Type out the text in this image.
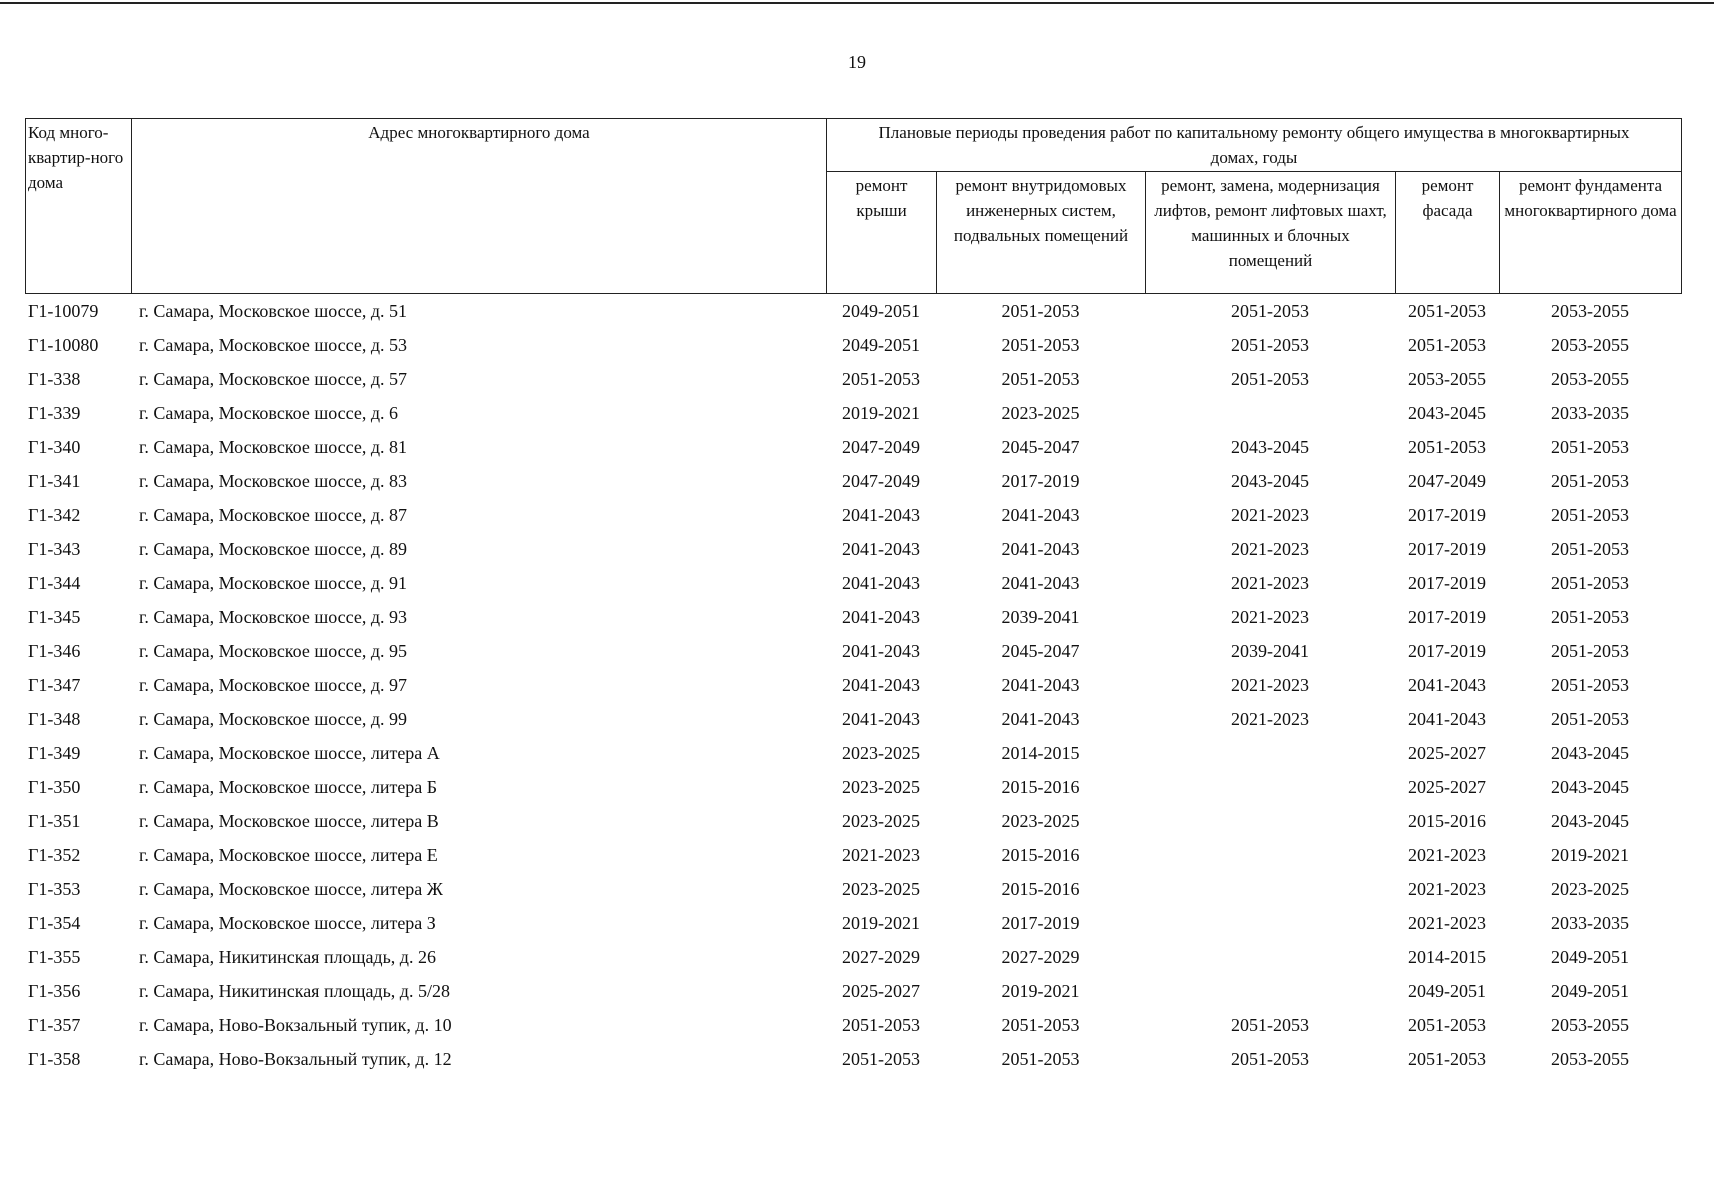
19
Код много-квартир-ного дома	Адрес многоквартирного дома	Плановые периоды проведения работ по капитальному ремонту общего имущества в многоквартирных домах, годы				
		ремонт крыши	ремонт внутридомовых инженерных систем, подвальных помещений	ремонт, замена, модернизация лифтов, ремонт лифтовых шахт, машинных и блочных помещений	ремонт фасада	ремонт фундамента многоквартирного дома
Г1-10079	г. Самара, Московское шоссе, д. 51	2049-2051	2051-2053	2051-2053	2051-2053	2053-2055
Г1-10080	г. Самара, Московское шоссе, д. 53	2049-2051	2051-2053	2051-2053	2051-2053	2053-2055
Г1-338	г. Самара, Московское шоссе, д. 57	2051-2053	2051-2053	2051-2053	2053-2055	2053-2055
Г1-339	г. Самара, Московское шоссе, д. 6	2019-2021	2023-2025		2043-2045	2033-2035
Г1-340	г. Самара, Московское шоссе, д. 81	2047-2049	2045-2047	2043-2045	2051-2053	2051-2053
Г1-341	г. Самара, Московское шоссе, д. 83	2047-2049	2017-2019	2043-2045	2047-2049	2051-2053
Г1-342	г. Самара, Московское шоссе, д. 87	2041-2043	2041-2043	2021-2023	2017-2019	2051-2053
Г1-343	г. Самара, Московское шоссе, д. 89	2041-2043	2041-2043	2021-2023	2017-2019	2051-2053
Г1-344	г. Самара, Московское шоссе, д. 91	2041-2043	2041-2043	2021-2023	2017-2019	2051-2053
Г1-345	г. Самара, Московское шоссе, д. 93	2041-2043	2039-2041	2021-2023	2017-2019	2051-2053
Г1-346	г. Самара, Московское шоссе, д. 95	2041-2043	2045-2047	2039-2041	2017-2019	2051-2053
Г1-347	г. Самара, Московское шоссе, д. 97	2041-2043	2041-2043	2021-2023	2041-2043	2051-2053
Г1-348	г. Самара, Московское шоссе, д. 99	2041-2043	2041-2043	2021-2023	2041-2043	2051-2053
Г1-349	г. Самара, Московское шоссе, литера А	2023-2025	2014-2015		2025-2027	2043-2045
Г1-350	г. Самара, Московское шоссе, литера Б	2023-2025	2015-2016		2025-2027	2043-2045
Г1-351	г. Самара, Московское шоссе, литера В	2023-2025	2023-2025		2015-2016	2043-2045
Г1-352	г. Самара, Московское шоссе, литера Е	2021-2023	2015-2016		2021-2023	2019-2021
Г1-353	г. Самара, Московское шоссе, литера Ж	2023-2025	2015-2016		2021-2023	2023-2025
Г1-354	г. Самара, Московское шоссе, литера З	2019-2021	2017-2019		2021-2023	2033-2035
Г1-355	г. Самара, Никитинская площадь, д. 26	2027-2029	2027-2029		2014-2015	2049-2051
Г1-356	г. Самара, Никитинская площадь, д. 5/28	2025-2027	2019-2021		2049-2051	2049-2051
Г1-357	г. Самара, Ново-Вокзальный тупик, д. 10	2051-2053	2051-2053	2051-2053	2051-2053	2053-2055
Г1-358	г. Самара, Ново-Вокзальный тупик, д. 12	2051-2053	2051-2053	2051-2053	2051-2053	2053-2055
